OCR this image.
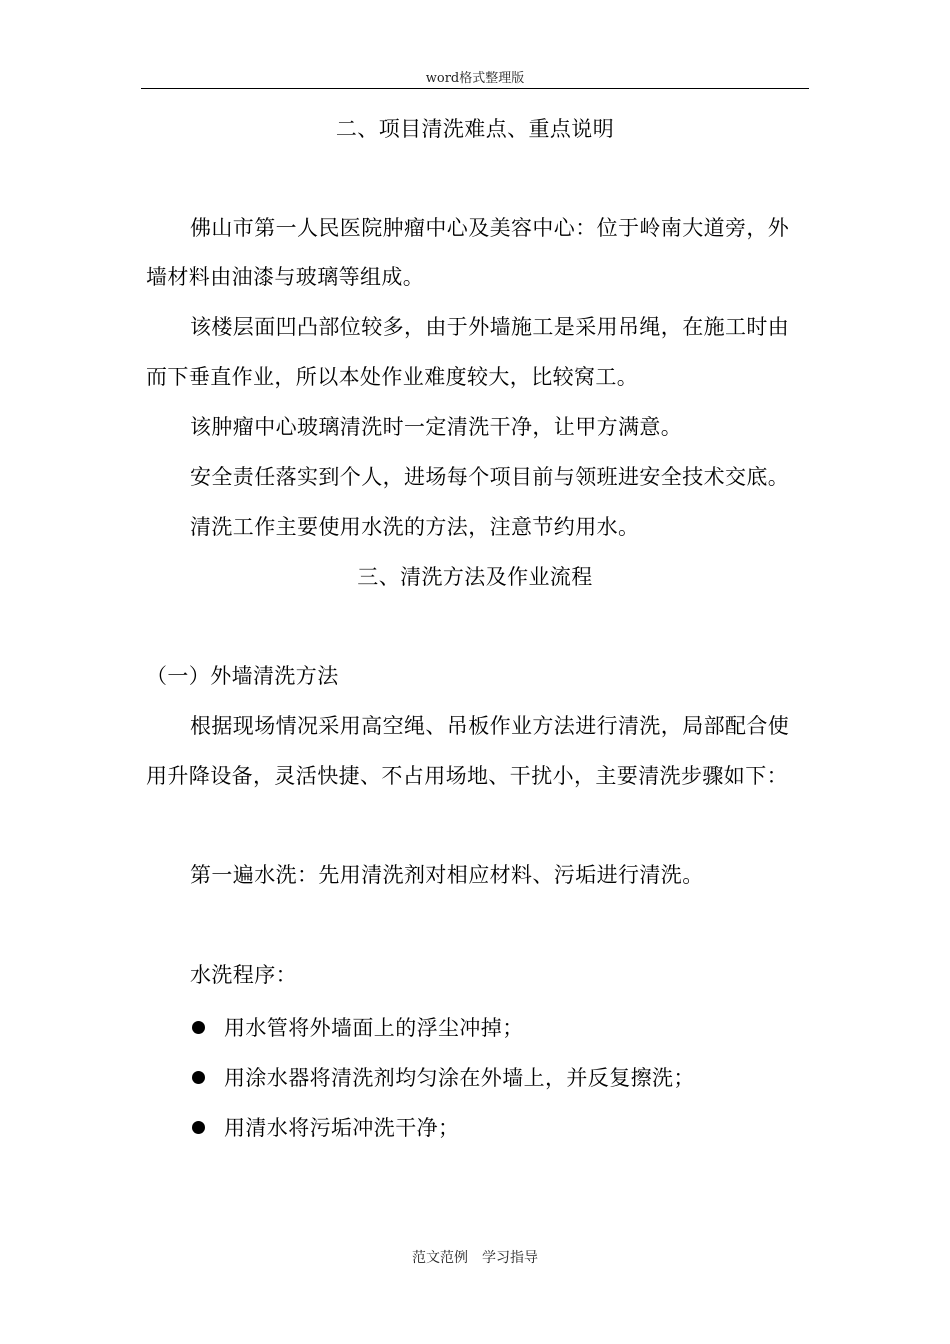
word格式整理版
二、项目清洗难点、重点说明
佛山市第一人民医院肿瘤中心及美容中心：位于岭南大道旁，外
墙材料由油漆与玻璃等组成。
该楼层面凹凸部位较多，由于外墙施工是采用吊绳，在施工时由
而下垂直作业，所以本处作业难度较大，比较窝工。
该肿瘤中心玻璃清洗时一定清洗干净，让甲方满意。
安全责任落实到个人，进场每个项目前与领班进安全技术交底。
清洗工作主要使用水洗的方法，注意节约用水。
三、清洗方法及作业流程
（一）外墙清洗方法
根据现场情况采用高空绳、吊板作业方法进行清洗，局部配合使
用升降设备，灵活快捷、不占用场地、干扰小，主要清洗步骤如下：
第一遍水洗：先用清洗剂对相应材料、污垢进行清洗。
水洗程序：
用水管将外墙面上的浮尘冲掉；
用涂水器将清洗剂均匀涂在外墙上，并反复擦洗；
用清水将污垢冲洗干净；
范文范例　学习指导
